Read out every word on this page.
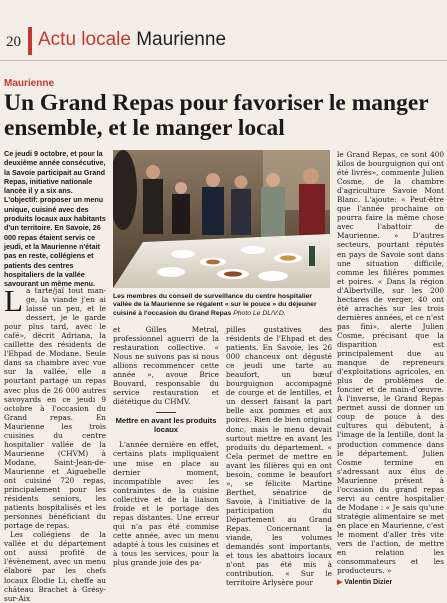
20 Actu locale Maurienne
Maurienne
Un Grand Repas pour favoriser le manger ensemble, et le manger local
Ce jeudi 9 octobre, et pour la deuxième année consécutive, la Savoie participait au Grand Repas, initiative nationale lancée il y a six ans. L'objectif: proposer un menu unique, cuisiné avec des produits locaux aux habitants d'un territoire. En Savoie, 26 000 repas étaient servis ce jeudi, et la Maurienne n'était pas en reste, collégiens et patients des centres hospitaliers de la vallée savourant un même menu.
Les membres du conseil de surveillance du centre hospitalier vallée de la Maurienne se régalent « sur le pouce » du déjeuner cuisiné à l'occasion du Grand Repas Photo Le DL/V.D.

La tarte/jaï tout man-ge, la viande j'en ai laissé un peu, et le dessert, je le garde pour plus tard, avec le café», décrit Adriana, la caillette des résidents de l'Ehpad de Modane. Seule dans sa chambre avec vue sur la vallée, elle a pourtant partagé un repas avec plus de 26 000 autres savoyards en ce jeudi 9 octobre à l'occasion du Grand repas. En Maurienne les trois cuisines du centre hospitalier vallée de la Maurienne (CHVM) à Modane, Saint-Jean-de-Maurienne et Aiguebelle ont cuisiné 720 repas, principalement pour les résidents seniors, les patients hospitalisés et les personnes bénéficiant du portage de repas.

Les collégiens de la vallée et du département ont aussi profité de l'évènement, avec un menu élaboré par les chefs locaux Élodie Li, cheffe au château Brachet à Grésy-sur-Aix

et Gilles Metral, professionnel aguerri de la restauration collective. « Nous ne suivons pas si nous allions recommencer cette année », avoue Brice Bouvard, responsable du service restauration et diététique du CHMV.

Mettre en avant les produits locaux

L'année dernière en effet, certains plats impliquaient une mise en place au dernier moment, incompatible avec les contraintes de la cuisine collective et de la liaison froide et le portage des repas distantes. Une erreur qui n'a pas été commise cette année, avec un menu adapté à tous les cuisines et à tous les services, pour la plus grande joie des pa-

pilles gustatives des résidents de l'Ehpad et des patients. En Savoie, les 26 000 chanceux ont dégusté ce jeudi une tarte au beaufort, un bœuf bourguignon accompagné de courge et de lentilles, et un dessert faisant la part belle aux pommes et aux poires. Rien de bien original donc, mais le menu devait surtout mettre en avant les produits du département. « Cela permet de mettre en avant les filières qui en ont besoin, comme le beaufort », se félicite Martine Berthet, sénatrice de Savoie, à l'initiative de la participation du Département au Grand Repas. Concernant la viande, les volumes demandés sont importants, et tous les abattoirs locaux n'ont pas été mis à contribution. « Sur le territoire Arlysère pour

le Grand Repas, ce sont 400 kilos de bourguignon qui ont été livrés», commente Julien Cosme, de la chambre d'agriculture Savoie Mont Blanc. L'ajoute: « Peut-être que l'année prochaine on pourra faire la même chose avec l'abattoir de Maurienne. » D'autres secteurs, pourtant réputés en pays de Savoie sont dans une situation difficile, comme les filières pommes et poires. « Dans la région d'Albertville, sur les 200 hectares de verger, 40 ont été arrachés sur les trois dernières années, et ce n'est pas fini», alerte Julien Cosme, précisant que la disparition est principalement due au manque de repreneurs d'exploitations agricoles, en plus de problèmes de foncier et de main-d'œuvre. À l'inverse, le Grand Repas permet aussi de donner un coup de pouce à des cultures qui débutent, à l'image de la lentille, dont la production commence dans le département. Julien Cosme termine en s'adressant aux élus de Maurienne présent à l'occasion du grand repas servi au centre hospitalier de Modane : « Je sais qu'une stratégie alimentaire se met en place en Maurienne, c'est le moment d'aller très vite vers de l'action, de mettre en relation les consommateurs et les producteurs. »

▶ Valentin Dizier
